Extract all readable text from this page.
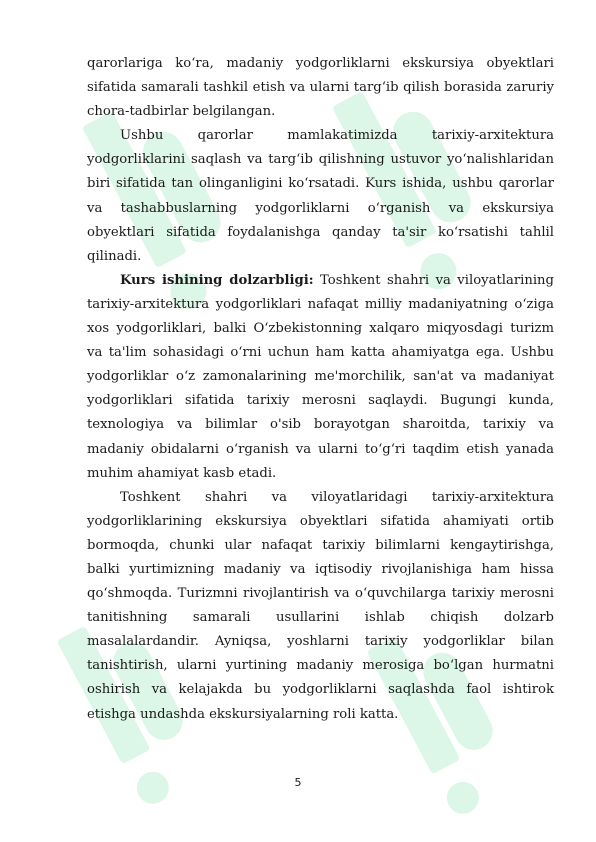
qarorlariga ko‘ra, madaniy yodgorliklarni ekskursiya obyektlari sifatida samarali tashkil etish va ularni targ‘ib qilish borasida zaruriy chora-tadbirlar belgilangan.

Ushbu qarorlar mamlakatimizda tarixiy-arxitektura yodgorliklarini saqlash va targ‘ib qilishning ustuvor yo‘nalishlaridan biri sifatida tan olinganligini ko‘rsatadi. Kurs ishida, ushbu qarorlar va tashabbuslarning yodgorliklarni o‘rganish va ekskursiya obyektlari sifatida foydalanishga qanday ta'sir ko‘rsatishi tahlil qilinadi.

Kurs ishining dolzarbligi: Toshkent shahri va viloyatlarining tarixiy-arxitektura yodgorliklari nafaqat milliy madaniyatning o‘ziga xos yodgorliklari, balki O‘zbekistonning xalqaro miqyosdagi turizm va ta'lim sohasidagi o‘rni uchun ham katta ahamiyatga ega. Ushbu yodgorliklar o‘z zamonalarining me'morchilik, san'at va madaniyat yodgorliklari sifatida tarixiy merosni saqlaydi. Bugungi kunda, texnologiya va bilimlar o'sib borayotgan sharoitda, tarixiy va madaniy obidalarni o‘rganish va ularni to‘g‘ri taqdim etish yanada muhim ahamiyat kasb etadi.

Toshkent shahri va viloyatlaridagi tarixiy-arxitektura yodgorliklarining ekskursiya obyektlari sifatida ahamiyati ortib bormoqda, chunki ular nafaqat tarixiy bilimlarni kengaytirishga, balki yurtimizning madaniy va iqtisodiy rivojlanishiga ham hissa qo‘shmoqda. Turizmni rivojlantirish va o‘quvchilarga tarixiy merosni tanitishning samarali usullarini ishlab chiqish dolzarb masalalardandir. Ayniqsa, yoshlarni tarixiy yodgorliklar bilan tanishtirish, ularni yurtining madaniy merosiga bo‘lgan hurmatni oshirish va kelajakda bu yodgorliklarni saqlashda faol ishtirok etishga undashda ekskursiyalarning roli katta.

5
